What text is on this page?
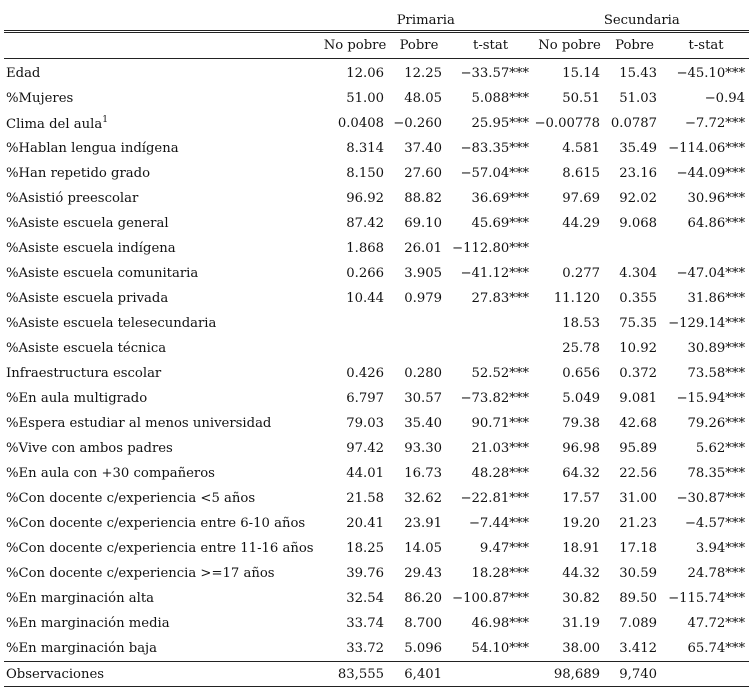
	Primaria			Secundaria		
	No pobre	Pobre	t-stat	No pobre	Pobre	t-stat
Edad	12.06	12.25	−33.57***	15.14	15.43	−45.10***
%Mujeres	51.00	48.05	5.088***	50.51	51.03	−0.94
Clima del aula$^1$	0.0408	−0.260	25.95***	−0.00778	0.0787	−7.72***
%Hablan lengua indígena	8.314	37.40	−83.35***	4.581	35.49	−114.06***
%Han repetido grado	8.150	27.60	−57.04***	8.615	23.16	−44.09***
%Asistió preescolar	96.92	88.82	36.69***	97.69	92.02	30.96***
%Asiste escuela general	87.42	69.10	45.69***	44.29	9.068	64.86***
%Asiste escuela indígena	1.868	26.01	−112.80***			
%Asiste escuela comunitaria	0.266	3.905	−41.12***	0.277	4.304	−47.04***
%Asiste escuela privada	10.44	0.979	27.83***	11.120	0.355	31.86***
%Asiste escuela telesecundaria				18.53	75.35	−129.14***
%Asiste escuela técnica				25.78	10.92	30.89***
Infraestructura escolar	0.426	0.280	52.52***	0.656	0.372	73.58***
%En aula multigrado	6.797	30.57	−73.82***	5.049	9.081	−15.94***
%Espera estudiar al menos universidad	79.03	35.40	90.71***	79.38	42.68	79.26***
%Vive con ambos padres	97.42	93.30	21.03***	96.98	95.89	5.62***
%En aula con +30 compañeros	44.01	16.73	48.28***	64.32	22.56	78.35***
%Con docente c/experiencia <5 años	21.58	32.62	−22.81***	17.57	31.00	−30.87***
%Con docente c/experiencia entre 6-10 años	20.41	23.91	−7.44***	19.20	21.23	−4.57***
%Con docente c/experiencia entre 11-16 años	18.25	14.05	9.47***	18.91	17.18	3.94***
%Con docente c/experiencia >=17 años	39.76	29.43	18.28***	44.32	30.59	24.78***
%En marginación alta	32.54	86.20	−100.87***	30.82	89.50	−115.74***
%En marginación media	33.74	8.700	46.98***	31.19	7.089	47.72***
%En marginación baja	33.72	5.096	54.10***	38.00	3.412	65.74***
Observaciones	83,555	6,401		98,689	9,740	
